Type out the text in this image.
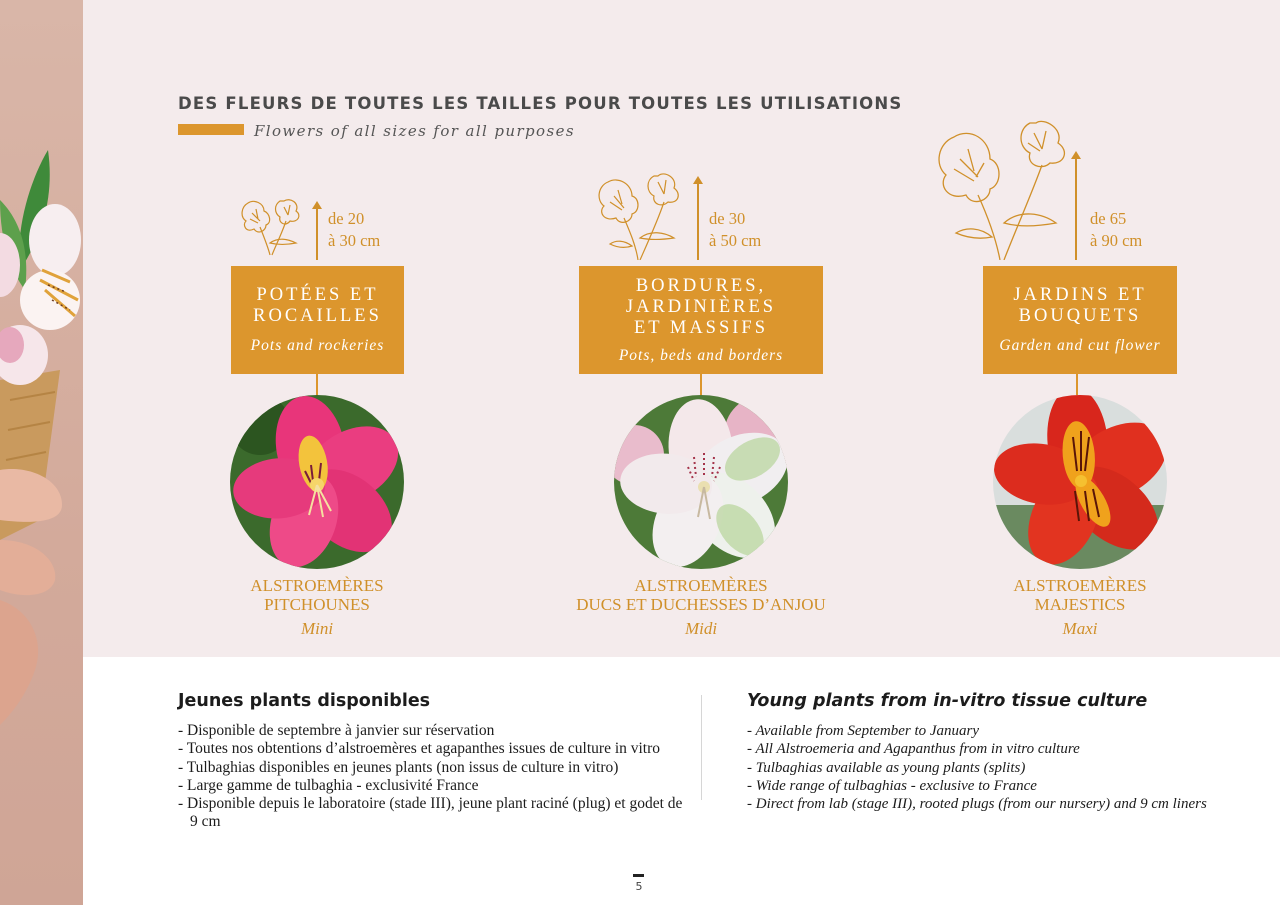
DES FLEURS DE TOUTES LES TAILLES POUR TOUTES LES UTILISATIONS
Flowers of all sizes for all purposes
de 20
à 30 cm
POTÉES ET
ROCAILLES
Pots and rockeries
ALSTROEMÈRES
PITCHOUNES
Mini
de 30
à 50 cm
BORDURES,
JARDINIÈRES
ET MASSIFS
Pots, beds and borders
ALSTROEMÈRES
DUCS ET DUCHESSES D’ANJOU
Midi
de 65
à 90 cm
JARDINS ET
BOUQUETS
Garden and cut flower
ALSTROEMÈRES
MAJESTICS
Maxi
Jeunes plants disponibles
- Disponible de septembre à janvier sur réservation
- Toutes nos obtentions d’alstroemères et agapanthes issues de culture in vitro
- Tulbaghias disponibles en jeunes plants (non issus de culture in vitro)
- Large gamme de tulbaghia - exclusivité France
- Disponible depuis le laboratoire (stade III), jeune plant raciné (plug) et godet de 9 cm
Young plants from in-vitro tissue culture
- Available from September to January
- All Alstroemeria and Agapanthus from in vitro culture
- Tulbaghias available as young plants (splits)
- Wide range of tulbaghias - exclusive to France
- Direct from lab (stage III), rooted plugs (from our nursery) and 9 cm liners
5
